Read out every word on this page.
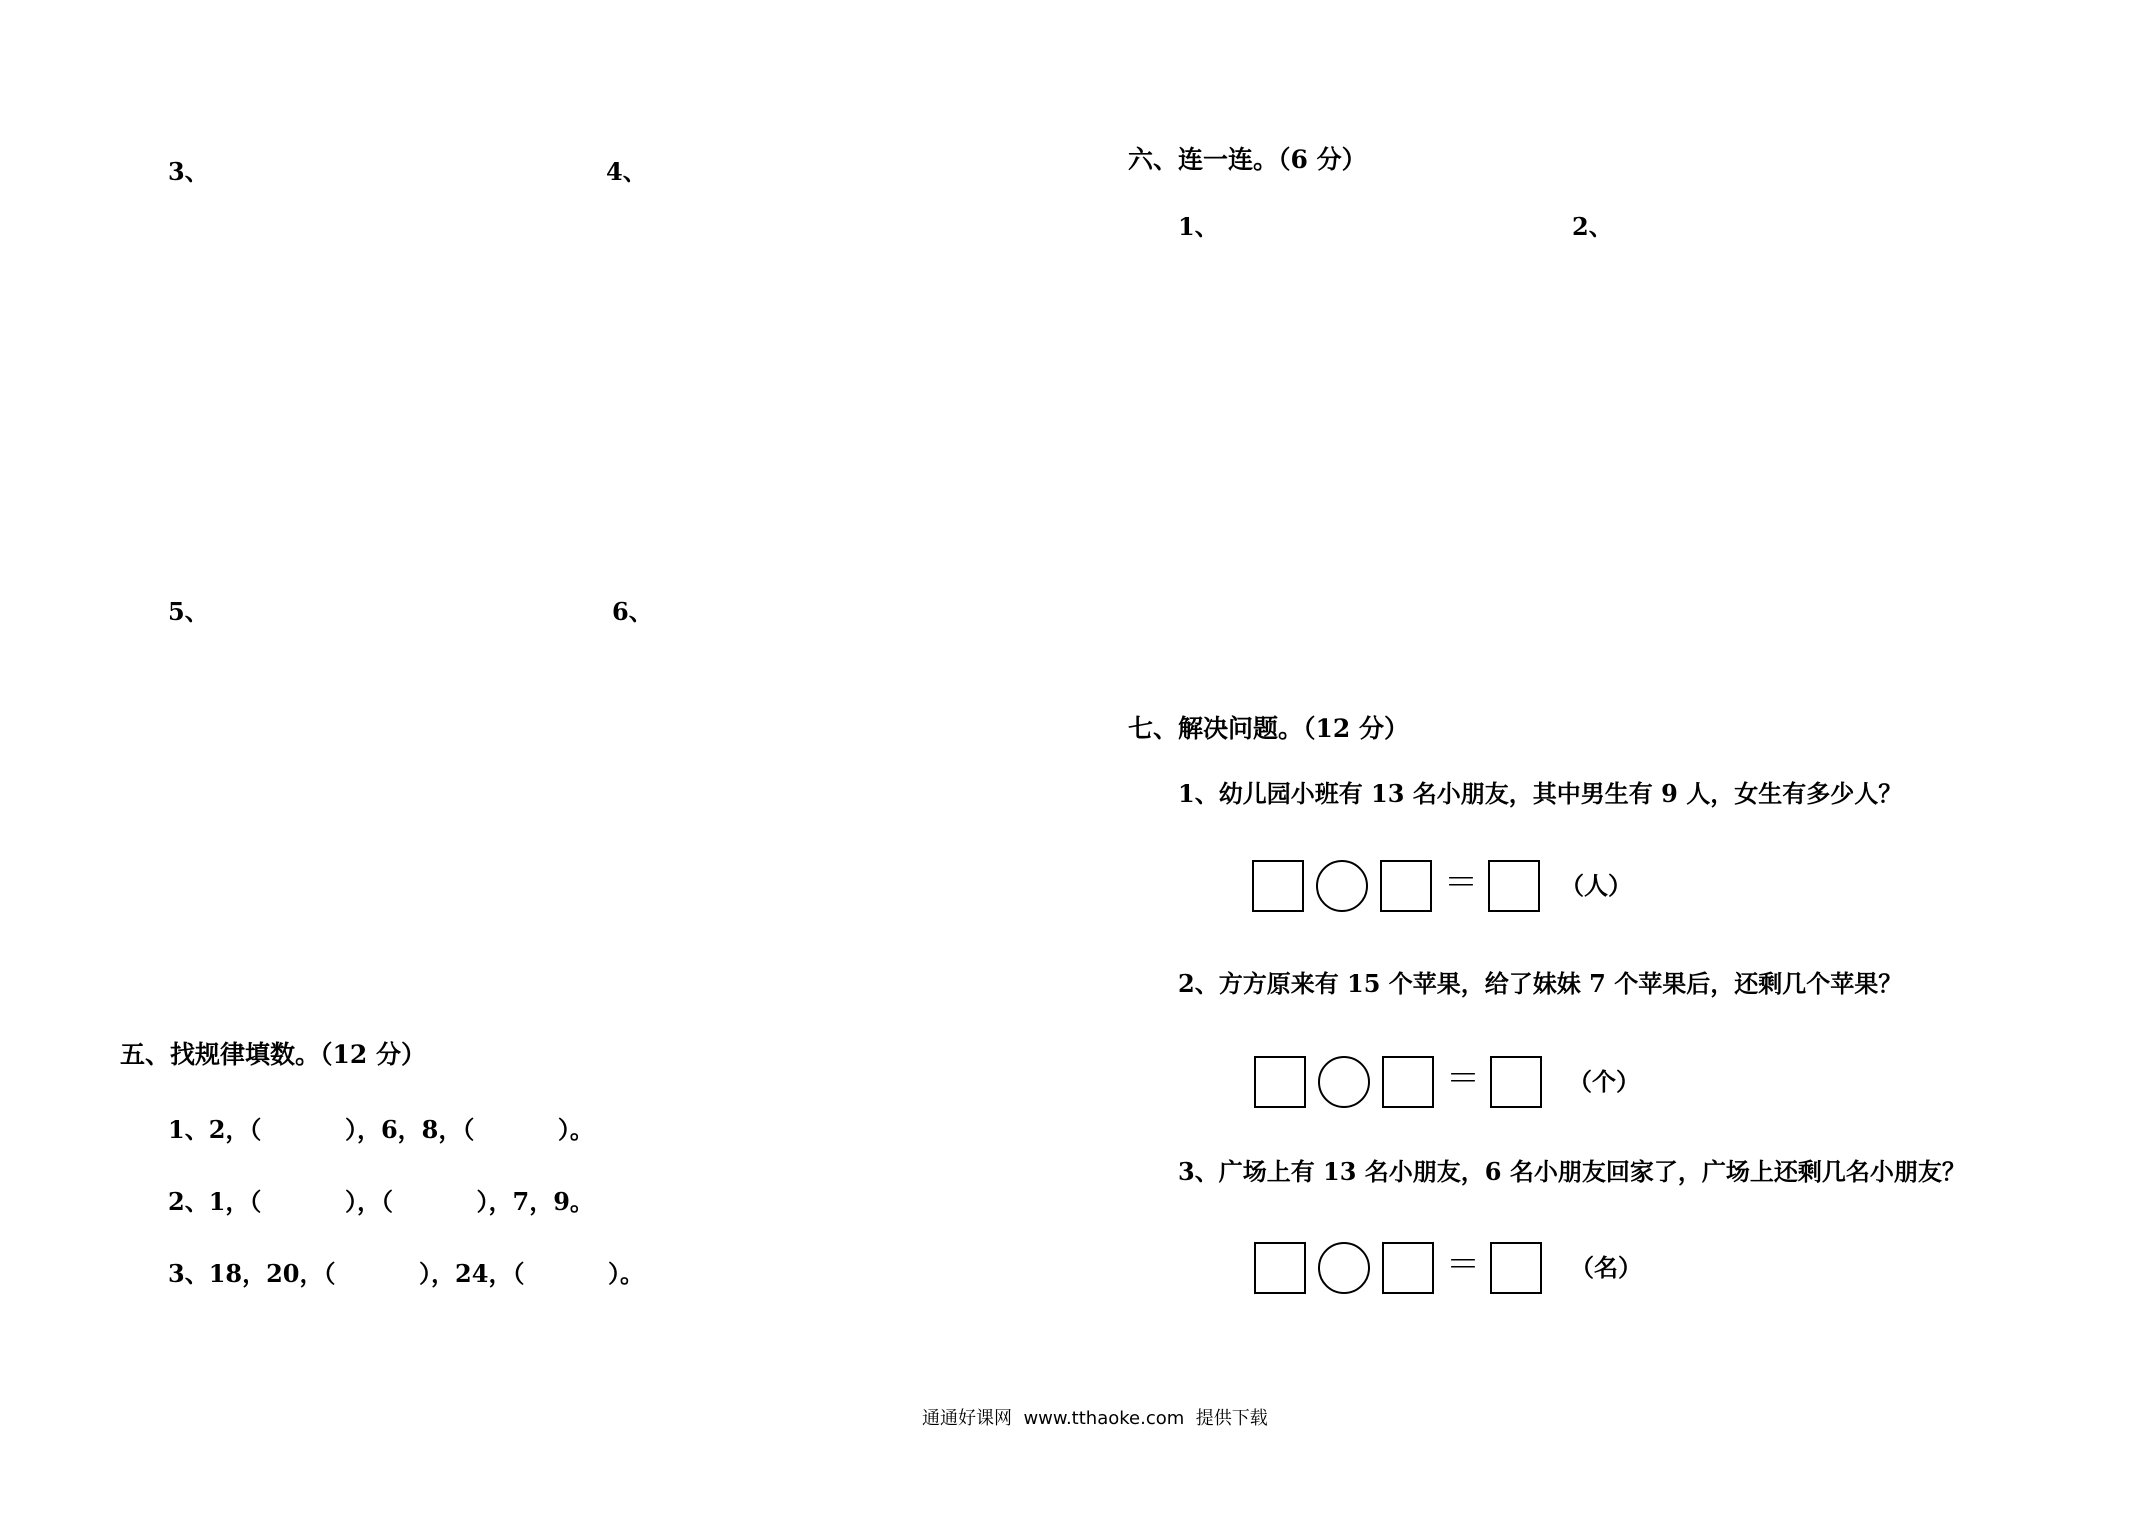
3、	4、
5、	6、
五、找规律填数。（12 分）
1、2，（          ），6，8，（          ）。
2、1，（          ），（          ），7，9。
3、18，20，（          ），24，（          ）。
六、连一连。（6 分）
1、	2、
七、解决问题。（12 分）
1、幼儿园小班有 13 名小朋友，其中男生有 9 人，女生有多少人？
＝	（人）
2、方方原来有 15 个苹果，给了妹妹 7 个苹果后，还剩几个苹果？
＝	（个）
3、广场上有 13 名小朋友，6 名小朋友回家了，广场上还剩几名小朋友？
＝	（名）
通通好课网  www.tthaoke.com  提供下载
